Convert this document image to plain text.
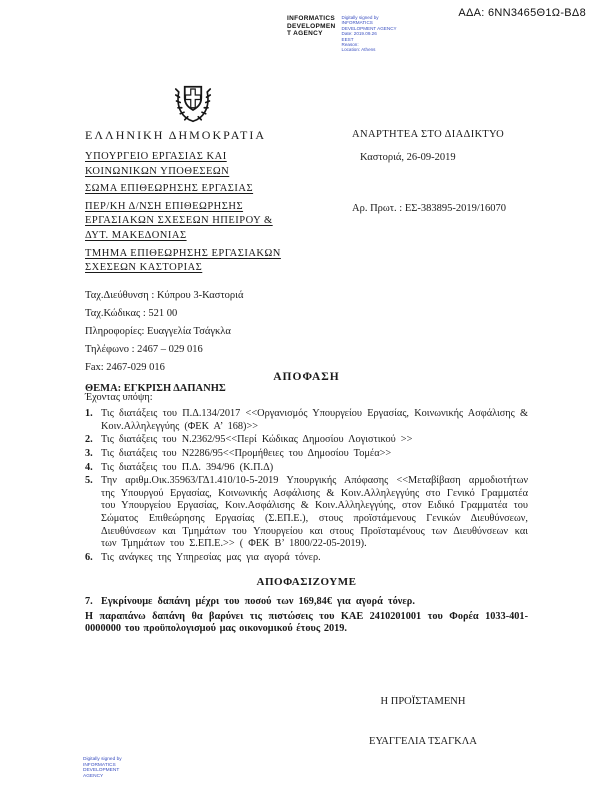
ΑΔΑ: 6ΝΝ3465Θ1Ω-ΒΔ8
INFORMATICS
DEVELOPMEN
T AGENCY
Digitally signed by
INFORMATICS
DEVELOPMENT AGENCY
Date: 2019.09.26
EEST
Reason:
Location: Athens
ΕΛΛΗΝΙΚΗ ΔΗΜΟΚΡΑΤΙΑ
ΥΠΟΥΡΓΕΙΟ ΕΡΓΑΣΙΑΣ ΚΑΙ
ΚΟΙΝΩΝΙΚΩΝ ΥΠΟΘΕΣΕΩΝ
ΣΩΜΑ ΕΠΙΘΕΩΡΗΣΗΣ ΕΡΓΑΣΙΑΣ
ΠΕΡ/ΚΗ Δ/ΝΣΗ ΕΠΙΘΕΩΡΗΣΗΣ
ΕΡΓΑΣΙΑΚΩΝ ΣΧΕΣΕΩΝ ΗΠΕΙΡΟΥ &
ΔΥΤ. ΜΑΚΕΔΟΝΙΑΣ
ΤΜΗΜΑ ΕΠΙΘΕΩΡΗΣΗΣ ΕΡΓΑΣΙΑΚΩΝ
ΣΧΕΣΕΩΝ ΚΑΣΤΟΡΙΑΣ
Ταχ.Διεύθυνση : Κύπρου 3-Καστοριά
Ταχ.Κώδικας : 521 00
Πληροφορίες: Ευαγγελία Τσάγκλα
Τηλέφωνο : 2467 – 029 016
Fax: 2467-029 016
ΘΕΜΑ: ΕΓΚΡΙΣΗ ΔΑΠΑΝΗΣ
ΑΝΑΡΤΗΤΕΑ ΣΤΟ ΔΙΑΔΙΚΤΥΟ
Καστοριά, 26-09-2019
Αρ. Πρωτ. : ΕΣ-383895-2019/16070
ΑΠΟΦΑΣΗ
Έχοντας υπόψη:
1. Τις διατάξεις του Π.Δ.134/2017 <<Οργανισμός Υπουργείου Εργασίας, Κοινωνικής Ασφάλισης & Κοιν.Αλληλεγγύης (ΦΕΚ Α’ 168)>>
2. Τις διατάξεις του Ν.2362/95<<Περί Κώδικας Δημοσίου Λογιστικού >>
3. Τις διατάξεις του Ν2286/95<<Προμήθειες του Δημοσίου Τομέα>>
4. Τις διατάξεις του Π.Δ. 394/96 (Κ.Π.Δ)
5. Την αριθμ.Οικ.35963/ΓΔ1.410/10-5-2019 Υπουργικής Απόφασης <<Μεταβίβαση αρμοδιοτήτων της Υπουργού Εργασίας, Κοινωνικής Ασφάλισης & Κοιν.Αλληλεγγύης στο Γενικό Γραμματέα του Υπουργείου Εργασίας, Κοιν.Ασφάλισης & Κοιν.Αλληλεγγύης, στον Ειδικό Γραμματέα του Σώματος Επιθεώρησης Εργασίας (Σ.ΕΠ.Ε.), στους προϊστάμενους Γενικών Διευθύνσεων, Διευθύνσεων και Τμημάτων του Υπουργείου και στους Προϊσταμένους των Διευθύνσεων και των Τμημάτων του Σ.ΕΠ.Ε.>> ( ΦΕΚ Β’ 1800/22-05-2019).
6. Τις ανάγκες της Υπηρεσίας μας για αγορά τόνερ.
ΑΠΟΦΑΣΙΖΟΥΜΕ
7. Εγκρίνουμε δαπάνη μέχρι του ποσού των 169,84€ για αγορά τόνερ.
Η παραπάνω δαπάνη θα βαρύνει τις πιστώσεις του ΚΑΕ 2410201001 του Φορέα 1033-401-0000000 του προϋπολογισμού μας οικονομικού έτους 2019.
Η ΠΡΟΪΣΤΑΜΕΝΗ
ΕΥΑΓΓΕΛΙΑ ΤΣΑΓΚΛΑ
Digitally signed by
INFORMATICS DEVELOPMENT
AGENCY
